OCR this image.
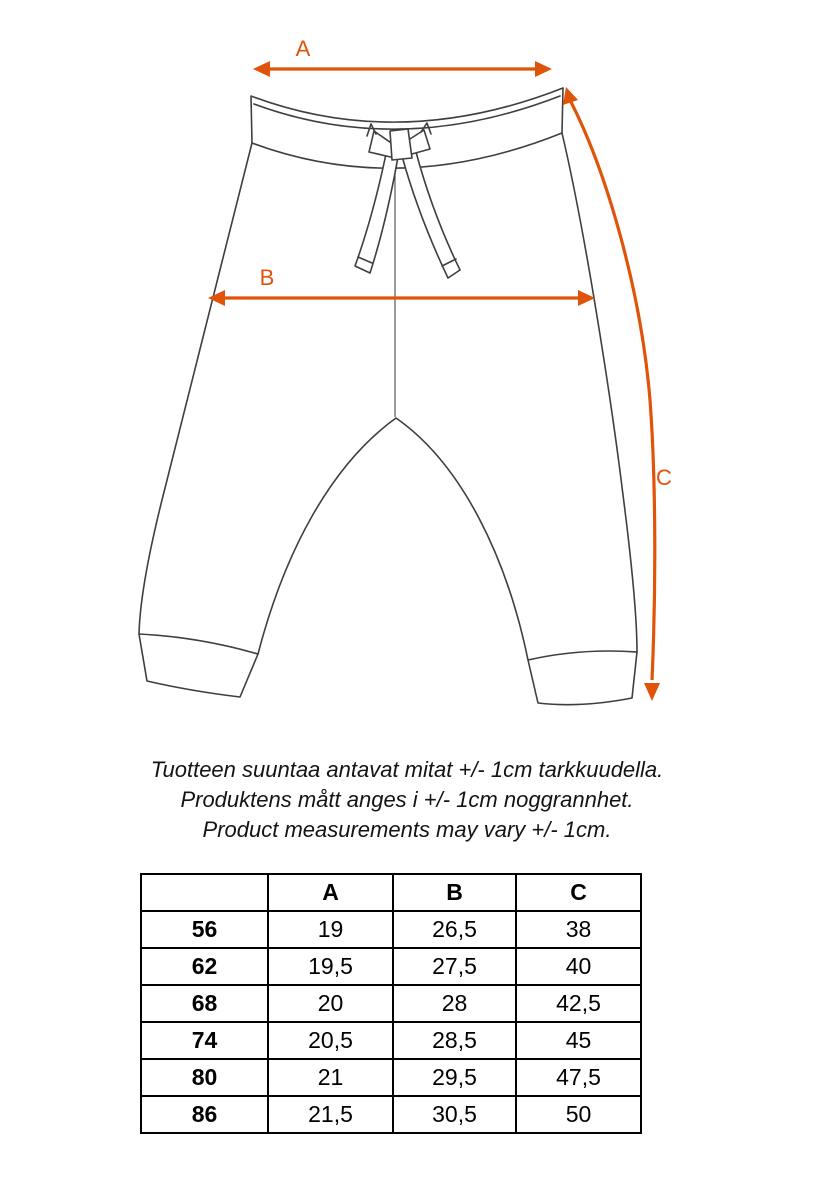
A
B
C
Tuotteen suuntaa antavat mitat +/- 1cm tarkkuudella.
Produktens mått anges i +/- 1cm noggrannhet.
Product measurements may vary +/- 1cm.
	A	B	C
56	19	26,5	38
62	19,5	27,5	40
68	20	28	42,5
74	20,5	28,5	45
80	21	29,5	47,5
86	21,5	30,5	50
